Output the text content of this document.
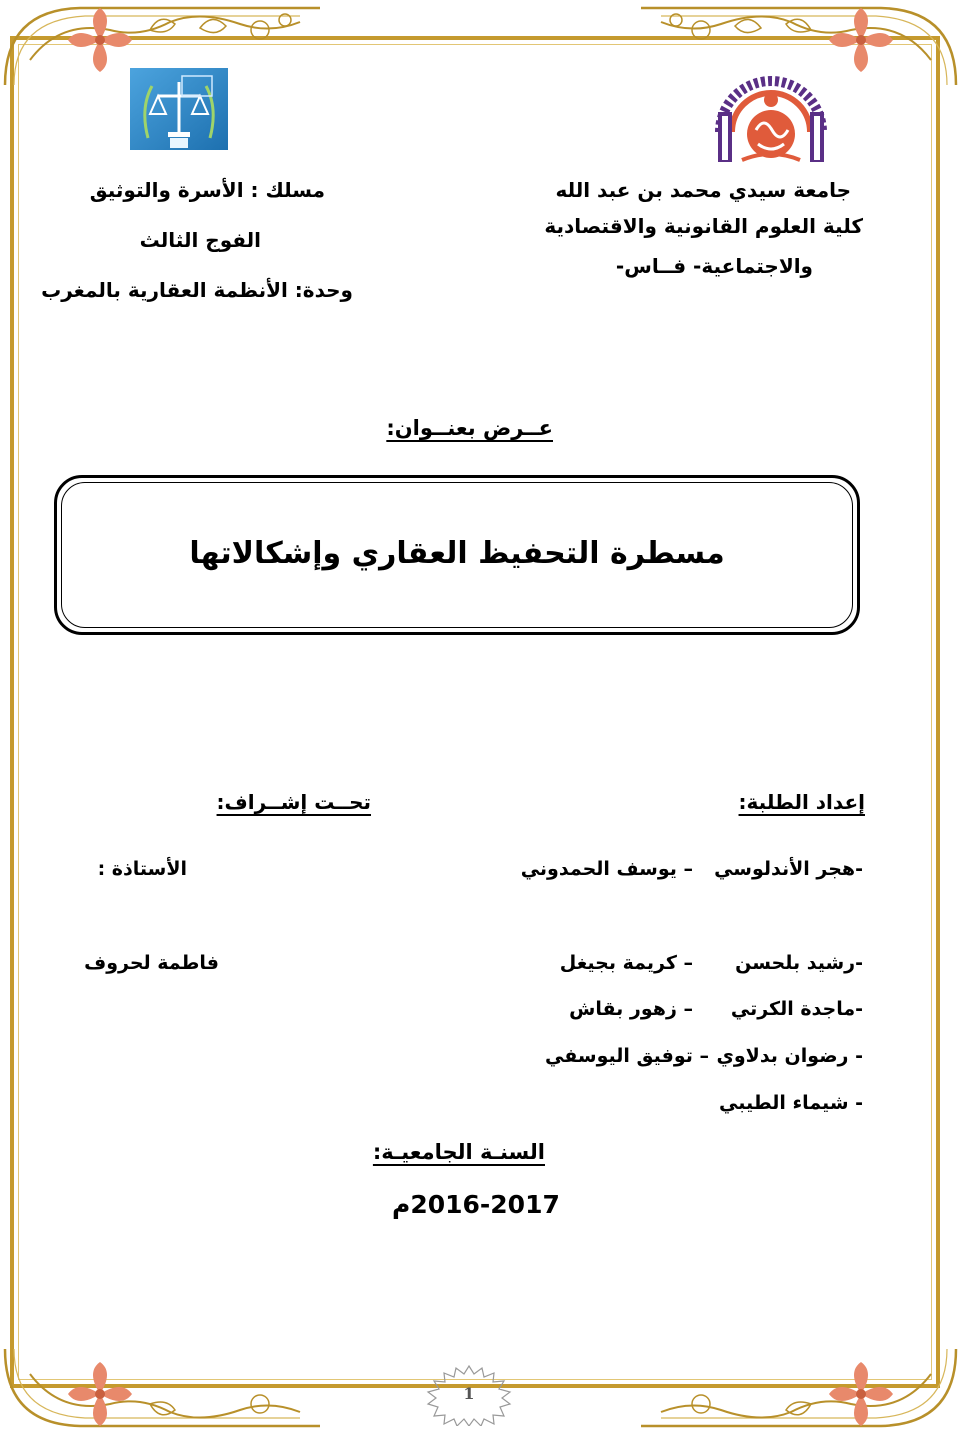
جامعة سيدي محمد بن عبد الله
كلية العلوم القانونية والاقتصادية
والاجتماعية- فــاس-
مسلك : الأسرة والتوثيق
الفوج الثالث
وحدة: الأنظمة العقارية بالمغرب
عــرض بعنــوان:
مسطرة التحفيظ العقاري وإشكالاتها
إعداد الطلبة:
-هجر الأندلوسي
-رشيد بلحسن
-ماجدة الكرتي
- رضوان بدلاوي
- شيماء الطيبي
– يوسف الحمدوني
– كريمة بجيغل
– زهور بقاش
– توفيق اليوسفي
تحــت إشــراف:
الأستاذة :
فاطمة لحروف
السنـة الجامعيـة:
2016-2017م
1
